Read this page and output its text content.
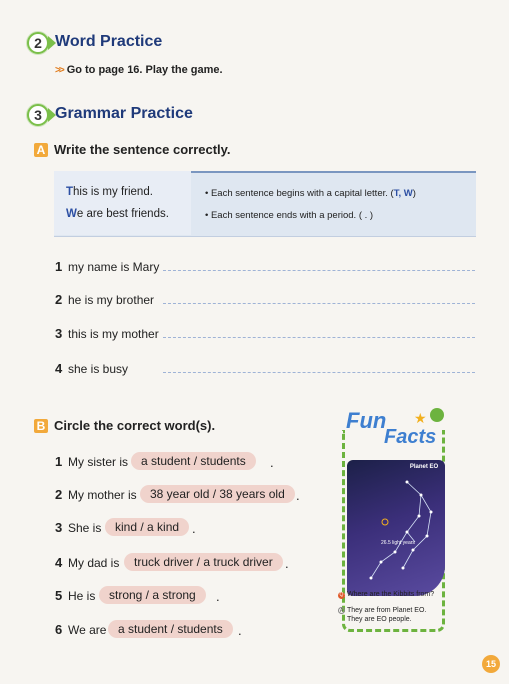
2 Word Practice
>> Go to page 16. Play the game.
3 Grammar Practice
A Write the sentence correctly.
This is my friend.
We are best friends.
• Each sentence begins with a capital letter. (T, W)
• Each sentence ends with a period. ( . )
1 my name is Mary
2 he is my brother
3 this is my mother
4 she is busy
B Circle the correct word(s).
1 My sister is	a student / students	.
2 My mother is	38 year old / 38 years old .
3 She is	kind / a kind .
4 My dad is	truck driver / a truck driver .
5 He is	strong / a strong	.
6 We are a student / students	.
Fun
Facts
★
Planet EO
26.5 light years
Q Where are the Kibbits from?
A They are from Planet EO.
They are EO people.
15
